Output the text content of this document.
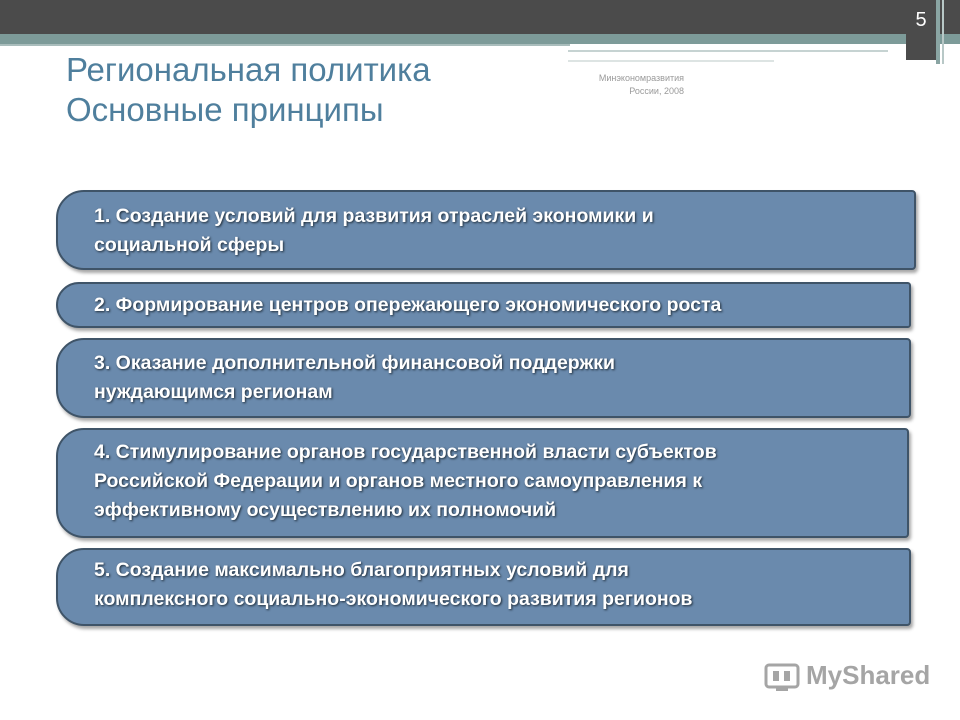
5
Региональная политика
Основные принципы
Минэкономразвития
России, 2008
1. Создание условий для развития отраслей экономики и
социальной сферы
2. Формирование центров опережающего экономического роста
3. Оказание дополнительной финансовой поддержки
нуждающимся регионам
4. Стимулирование органов государственной власти субъектов
Российской Федерации и органов местного самоуправления к
эффективному осуществлению их полномочий
5. Создание максимально благоприятных условий для
комплексного социально-экономического развития регионов
MyShared
